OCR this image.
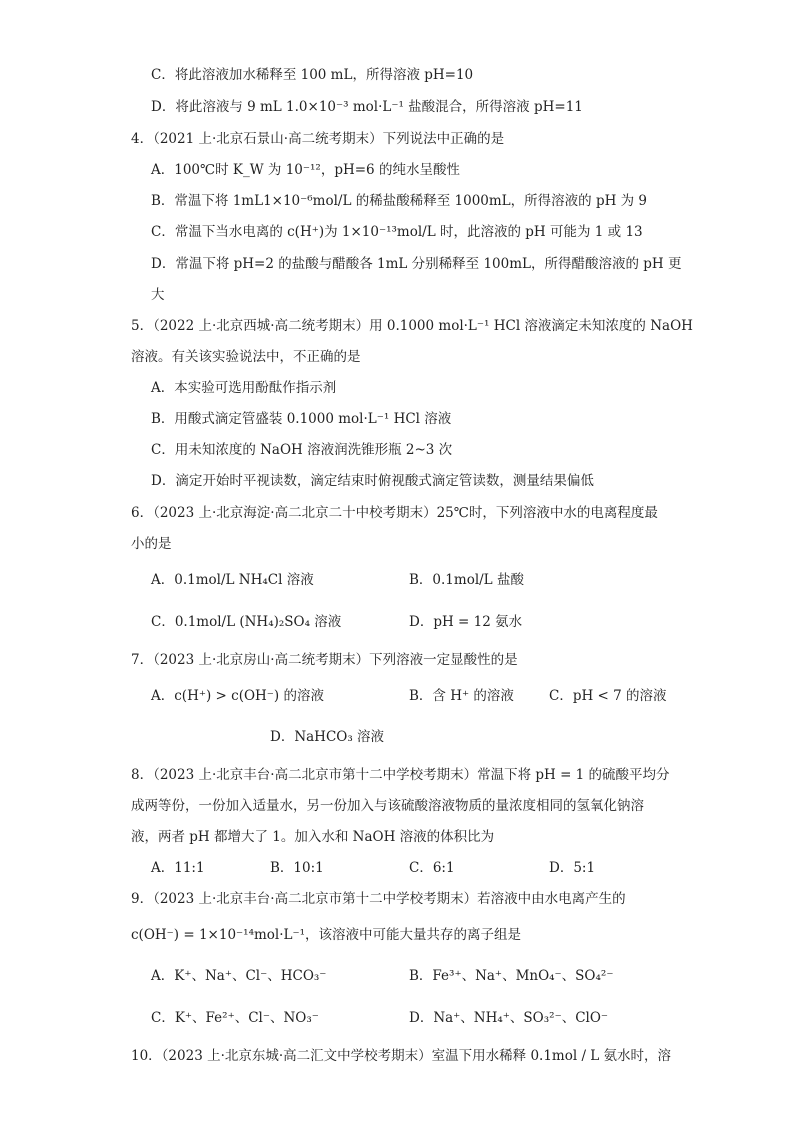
C．将此溶液加水稀释至 100 mL，所得溶液 pH=10
D．将此溶液与 9 mL 1.0×10⁻³ mol·L⁻¹ 盐酸混合，所得溶液 pH=11
4．（2021 上·北京石景山·高二统考期末）下列说法中正确的是
A．100℃时 K_W 为 10⁻¹²，pH=6 的纯水呈酸性
B．常温下将 1mL1×10⁻⁶mol/L 的稀盐酸稀释至 1000mL，所得溶液的 pH 为 9
C．常温下当水电离的 c(H⁺)为 1×10⁻¹³mol/L 时，此溶液的 pH 可能为 1 或 13
D．常温下将 pH=2 的盐酸与醋酸各 1mL 分别稀释至 100mL，所得醋酸溶液的 pH 更
大
5．（2022 上·北京西城·高二统考期末）用 0.1000 mol·L⁻¹ HCl 溶液滴定未知浓度的 NaOH
溶液。有关该实验说法中，不正确的是
A．本实验可选用酚酞作指示剂
B．用酸式滴定管盛装 0.1000 mol·L⁻¹ HCl 溶液
C．用未知浓度的 NaOH 溶液润洗锥形瓶 2~3 次
D．滴定开始时平视读数，滴定结束时俯视酸式滴定管读数，测量结果偏低
6．（2023 上·北京海淀·高二北京二十中校考期末）25℃时，下列溶液中水的电离程度最
小的是
A．0.1mol/L NH₄Cl 溶液	B．0.1mol/L 盐酸
C．0.1mol/L (NH₄)₂SO₄ 溶液	D．pH = 12 氨水
7．（2023 上·北京房山·高二统考期末）下列溶液一定显酸性的是
A．c(H⁺) > c(OH⁻) 的溶液	B．含 H⁺ 的溶液	C．pH < 7 的溶液
D．NaHCO₃ 溶液
8．（2023 上·北京丰台·高二北京市第十二中学校考期末）常温下将 pH = 1 的硫酸平均分
成两等份，一份加入适量水，另一份加入与该硫酸溶液物质的量浓度相同的氢氧化钠溶
液，两者 pH 都增大了 1。加入水和 NaOH 溶液的体积比为
A．11:1	B．10:1	C．6:1	D．5:1
9．（2023 上·北京丰台·高二北京市第十二中学校考期末）若溶液中由水电离产生的
c(OH⁻) = 1×10⁻¹⁴mol·L⁻¹，该溶液中可能大量共存的离子组是
A．K⁺、Na⁺、Cl⁻、HCO₃⁻	B．Fe³⁺、Na⁺、MnO₄⁻、SO₄²⁻
C．K⁺、Fe²⁺、Cl⁻、NO₃⁻	D．Na⁺、NH₄⁺、SO₃²⁻、ClO⁻
10．（2023 上·北京东城·高二汇文中学校考期末）室温下用水稀释 0.1mol / L 氨水时，溶
